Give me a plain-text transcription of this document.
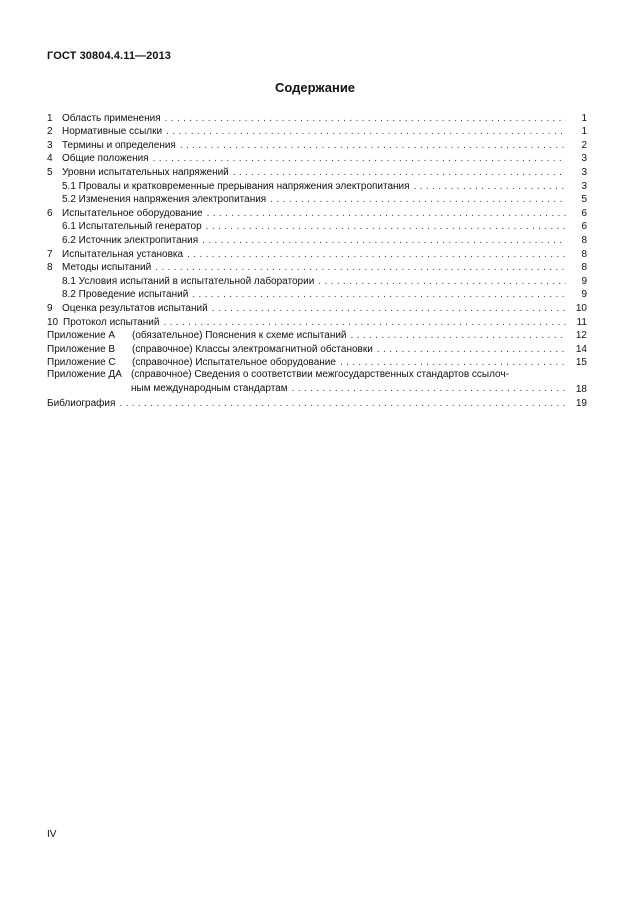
ГОСТ 30804.4.11—2013
Содержание
1 Область применения . . .	1
2 Нормативные ссылки . . .	1
3 Термины и определения . . .	2
4 Общие положения . . .	3
5 Уровни испытательных напряжений . . .	3
5.1 Провалы и кратковременные прерывания напряжения электропитания . . .	3
5.2 Изменения напряжения электропитания . . .	5
6 Испытательное оборудование . . .	6
6.1 Испытательный генератор . . .	6
6.2 Источник электропитания . . .	8
7 Испытательная установка . . .	8
8 Методы испытаний . . .	8
8.1 Условия испытаний в испытательной лаборатории . . .	9
8.2 Проведение испытаний . . .	9
9 Оценка результатов испытаний . . .	10
10 Протокол испытаний . . .	11
Приложение А	(обязательное) Пояснения к схеме испытаний . . .	12
Приложение В	(справочное) Классы электромагнитной обстановки . . .	14
Приложение С	(справочное) Испытательное оборудование . . .	15
Приложение ДА (справочное) Сведения о соответствии межгосударственных стандартов ссылоч-
ным международным стандартам . . .	18
Библиография . . .	19
IV
